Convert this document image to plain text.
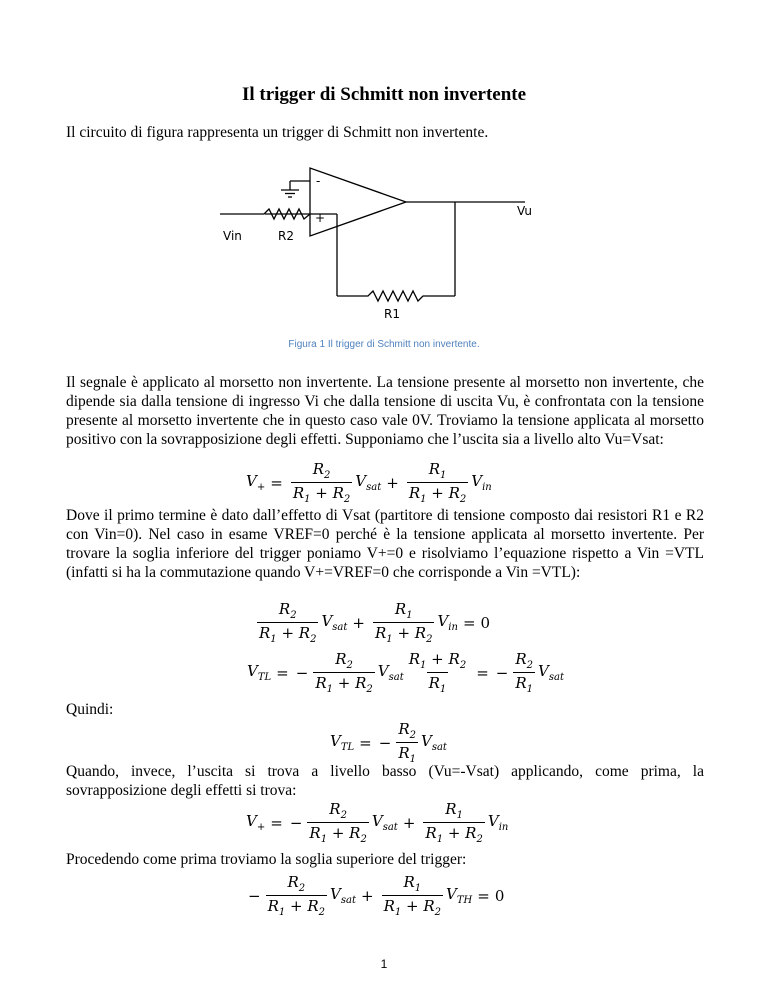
Il trigger di Schmitt non invertente
Il circuito di figura rappresenta un trigger di Schmitt non invertente.
-
+
Vin	R2
Vu
R1
Figura 1 Il trigger di Schmitt non invertente.
Il segnale è applicato al morsetto non invertente. La tensione presente al morsetto non invertente, che dipende sia dalla tensione di ingresso Vi che dalla tensione di uscita Vu, è confrontata con la tensione presente al morsetto invertente che in questo caso vale 0V. Troviamo la tensione applicata al morsetto positivo con la sovrapposizione degli effetti. Supponiamo che l’uscita sia a livello alto Vu=Vsat:
$V_+ = \frac{R_2}{R_1 + R_2} V_{sat} + \frac{R_1}{R_1 + R_2} V_{in}$
Dove il primo termine è dato dall’effetto di Vsat (partitore di tensione composto dai resistori R1 e R2 con Vin=0). Nel caso in esame VREF=0 perché è la tensione applicata al morsetto invertente. Per trovare la soglia inferiore del trigger poniamo V+=0 e risolviamo l’equazione rispetto a Vin =VTL (infatti si ha la commutazione quando V+=VREF=0 che corrisponde a Vin =VTL):
$\frac{R_2}{R_1 + R_2} V_{sat} + \frac{R_1}{R_1 + R_2} V_{in} = 0$
$V_{TL}$ = − $\frac{R_2}{R_1 + R_2} V_{sat} \frac{R_1 + R_2}{R_1}$ = − $\frac{R_2}{R_1} V_{sat}$
Quindi:
$V_{TL}$ = − $\frac{R_2}{R_1} V_{sat}$
Quando, invece, l’uscita si trova a livello basso (Vu=-Vsat) applicando, come prima, la sovrapposizione degli effetti si trova:
$V_+$ = − $\frac{R_2}{R_1 + R_2} V_{sat} + \frac{R_1}{R_1 + R_2} V_{in}$
Procedendo come prima troviamo la soglia superiore del trigger:
− $\frac{R_2}{R_1 + R_2} V_{sat} + \frac{R_1}{R_1 + R_2} V_{TH} = 0$
1
